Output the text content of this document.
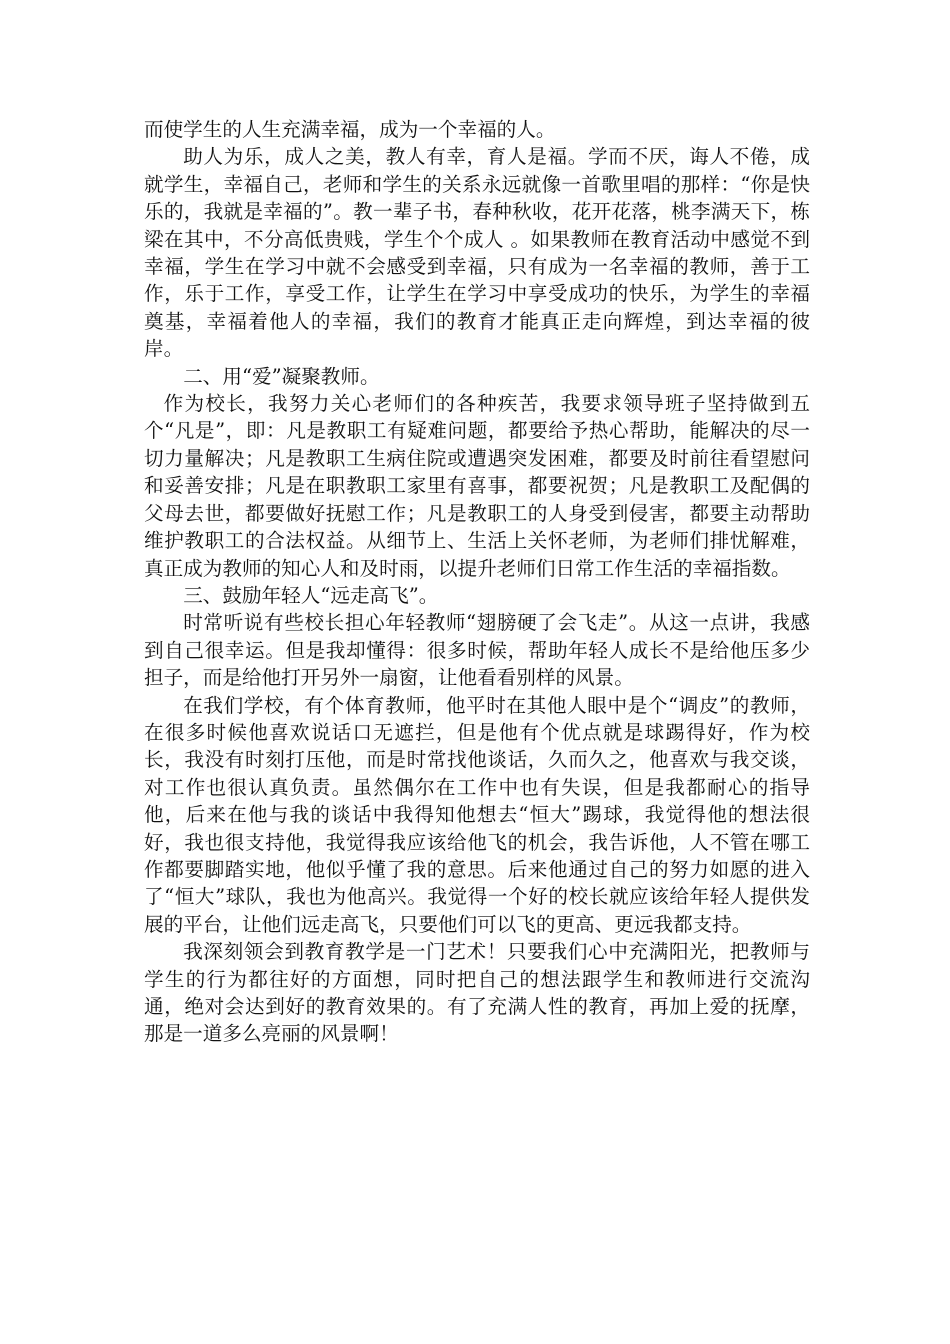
而使学生的人生充满幸福，成为一个幸福的人。

助人为乐，成人之美，教人有幸，育人是福。学而不厌，诲人不倦，成就学生，幸福自己，老师和学生的关系永远就像一首歌里唱的那样：“你是快乐的，我就是幸福的”。教一辈子书，春种秋收，花开花落，桃李满天下，栋梁在其中，不分高低贵贱，学生个个成人 。如果教师在教育活动中感觉不到幸福，学生在学习中就不会感受到幸福，只有成为一名幸福的教师，善于工作，乐于工作，享受工作，让学生在学习中享受成功的快乐，为学生的幸福奠基，幸福着他人的幸福，我们的教育才能真正走向辉煌，到达幸福的彼岸。

二、用“爱”凝聚教师。

作为校长，我努力关心老师们的各种疾苦，我要求领导班子坚持做到五个“凡是”，即：凡是教职工有疑难问题，都要给予热心帮助，能解决的尽一切力量解决；凡是教职工生病住院或遭遇突发困难，都要及时前往看望慰问和妥善安排；凡是在职教职工家里有喜事，都要祝贺；凡是教职工及配偶的父母去世，都要做好抚慰工作；凡是教职工的人身受到侵害，都要主动帮助维护教职工的合法权益。从细节上、生活上关怀老师，为老师们排忧解难，真正成为教师的知心人和及时雨，以提升老师们日常工作生活的幸福指数。

三、鼓励年轻人“远走高飞”。

时常听说有些校长担心年轻教师“翅膀硬了会飞走”。从这一点讲，我感到自己很幸运。但是我却懂得：很多时候，帮助年轻人成长不是给他压多少担子，而是给他打开另外一扇窗，让他看看别样的风景。

在我们学校，有个体育教师，他平时在其他人眼中是个“调皮”的教师，在很多时候他喜欢说话口无遮拦，但是他有个优点就是球踢得好，作为校长，我没有时刻打压他，而是时常找他谈话，久而久之，他喜欢与我交谈，对工作也很认真负责。虽然偶尔在工作中也有失误，但是我都耐心的指导他，后来在他与我的谈话中我得知他想去“恒大”踢球，我觉得他的想法很好，我也很支持他，我觉得我应该给他飞的机会，我告诉他，人不管在哪工作都要脚踏实地，他似乎懂了我的意思。后来他通过自己的努力如愿的进入了“恒大”球队，我也为他高兴。我觉得一个好的校长就应该给年轻人提供发展的平台，让他们远走高飞，只要他们可以飞的更高、更远我都支持。

我深刻领会到教育教学是一门艺术！只要我们心中充满阳光，把教师与学生的行为都往好的方面想，同时把自己的想法跟学生和教师进行交流沟通，绝对会达到好的教育效果的。有了充满人性的教育，再加上爱的抚摩，那是一道多么亮丽的风景啊！
